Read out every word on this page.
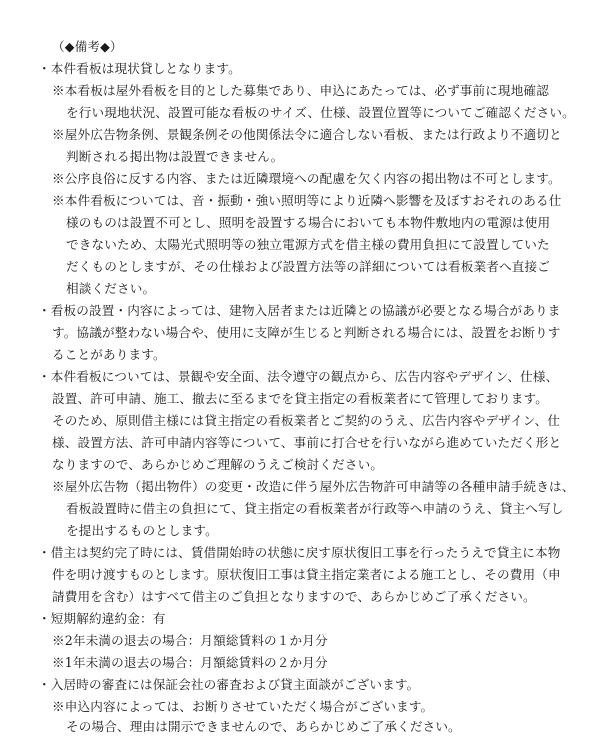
（◆備考◆）
・本件看板は現状貸しとなります。
※本看板は屋外看板を目的とした募集であり、申込にあたっては、必ず事前に現地確認
を行い現地状況、設置可能な看板のサイズ、仕様、設置位置等についてご確認ください。
※屋外広告物条例、景観条例その他関係法令に適合しない看板、または行政より不適切と
判断される掲出物は設置できません。
※公序良俗に反する内容、または近隣環境への配慮を欠く内容の掲出物は不可とします。
※本件看板については、音・振動・強い照明等により近隣へ影響を及ぼすおそれのある仕
様のものは設置不可とし、照明を設置する場合においても本物件敷地内の電源は使用
できないため、太陽光式照明等の独立電源方式を借主様の費用負担にて設置していた
だくものとしますが、その仕様および設置方法等の詳細については看板業者へ直接ご
相談ください。
・看板の設置・内容によっては、建物入居者または近隣との協議が必要となる場合がありま
す。協議が整わない場合や、使用に支障が生じると判断される場合には、設置をお断りす
ることがあります。
・本件看板については、景観や安全面、法令遵守の観点から、広告内容やデザイン、仕様、
設置、許可申請、施工、撤去に至るまでを貸主指定の看板業者にて管理しております。
そのため、原則借主様には貸主指定の看板業者とご契約のうえ、広告内容やデザイン、仕
様、設置方法、許可申請内容等について、事前に打合せを行いながら進めていただく形と
なりますので、あらかじめご理解のうえご検討ください。
※屋外広告物（掲出物件）の変更・改造に伴う屋外広告物許可申請等の各種申請手続きは、
看板設置時に借主の負担にて、貸主指定の看板業者が行政等へ申請のうえ、貸主へ写し
を提出するものとします。
・借主は契約完了時には、賃借開始時の状態に戻す原状復旧工事を行ったうえで貸主に本物
件を明け渡すものとします。原状復旧工事は貸主指定業者による施工とし、その費用（申
請費用を含む）はすべて借主のご負担となりますので、あらかじめご了承ください。
・短期解約違約金：有
※2年未満の退去の場合：月額総賃料の１か月分
※1年未満の退去の場合：月額総賃料の２か月分
・入居時の審査には保証会社の審査および貸主面談がございます。
※申込内容によっては、お断りさせていただく場合がございます。
その場合、理由は開示できませんので、あらかじめご了承ください。
